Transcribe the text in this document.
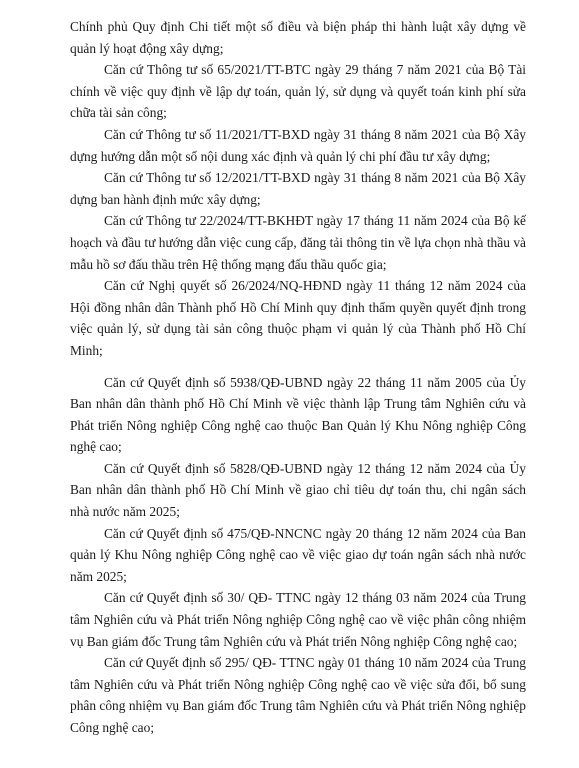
Chính phủ Quy định Chi tiết một số điều và biện pháp thi hành luật xây dựng về quản lý hoạt động xây dựng;

Căn cứ Thông tư số 65/2021/TT-BTC ngày 29 tháng 7 năm 2021 của Bộ Tài chính về việc quy định về lập dự toán, quản lý, sử dụng và quyết toán kinh phí sửa chữa tài sản công;

Căn cứ Thông tư số 11/2021/TT-BXD ngày 31 tháng 8 năm 2021 của Bộ Xây dựng hướng dẫn một số nội dung xác định và quản lý chi phí đầu tư xây dựng;

Căn cứ Thông tư số 12/2021/TT-BXD ngày 31 tháng 8 năm 2021 của Bộ Xây dựng ban hành định mức xây dựng;

Căn cứ Thông tư 22/2024/TT-BKHĐT ngày 17 tháng 11 năm 2024 của Bộ kế hoạch và đầu tư hướng dẫn việc cung cấp, đăng tải thông tin về lựa chọn nhà thầu và mẫu hồ sơ đấu thầu trên Hệ thống mạng đấu thầu quốc gia;

Căn cứ Nghị quyết số 26/2024/NQ-HĐND ngày 11 tháng 12 năm 2024 của Hội đồng nhân dân Thành phố Hồ Chí Minh quy định thẩm quyền quyết định trong việc quản lý, sử dụng tài sản công thuộc phạm vi quản lý của Thành phố Hồ Chí Minh;

Căn cứ Quyết định số 5938/QĐ-UBND ngày 22 tháng 11 năm 2005 của Ủy Ban nhân dân thành phố Hồ Chí Minh về việc thành lập Trung tâm Nghiên cứu và Phát triển Nông nghiệp Công nghệ cao thuộc Ban Quản lý Khu Nông nghiệp Công nghệ cao;

Căn cứ Quyết định số 5828/QĐ-UBND ngày 12 tháng 12 năm 2024 của Ủy Ban nhân dân thành phố Hồ Chí Minh về giao chỉ tiêu dự toán thu, chi ngân sách nhà nước năm 2025;

Căn cứ Quyết định số 475/QĐ-NNCNC ngày 20 tháng 12 năm 2024 của Ban quản lý Khu Nông nghiệp Công nghệ cao về việc giao dự toán ngân sách nhà nước năm 2025;

Căn cứ Quyết định số 30/ QĐ- TTNC ngày 12 tháng 03 năm 2024 của Trung tâm Nghiên cứu và Phát triển Nông nghiệp Công nghệ cao về việc phân công nhiệm vụ Ban giám đốc Trung tâm Nghiên cứu và Phát triển Nông nghiệp Công nghệ cao;

Căn cứ Quyết định số 295/ QĐ- TTNC ngày 01 tháng 10 năm 2024 của Trung tâm Nghiên cứu và Phát triển Nông nghiệp Công nghệ cao về việc sửa đổi, bổ sung phân công nhiệm vụ Ban giám đốc Trung tâm Nghiên cứu và Phát triển Nông nghiệp Công nghệ cao;
